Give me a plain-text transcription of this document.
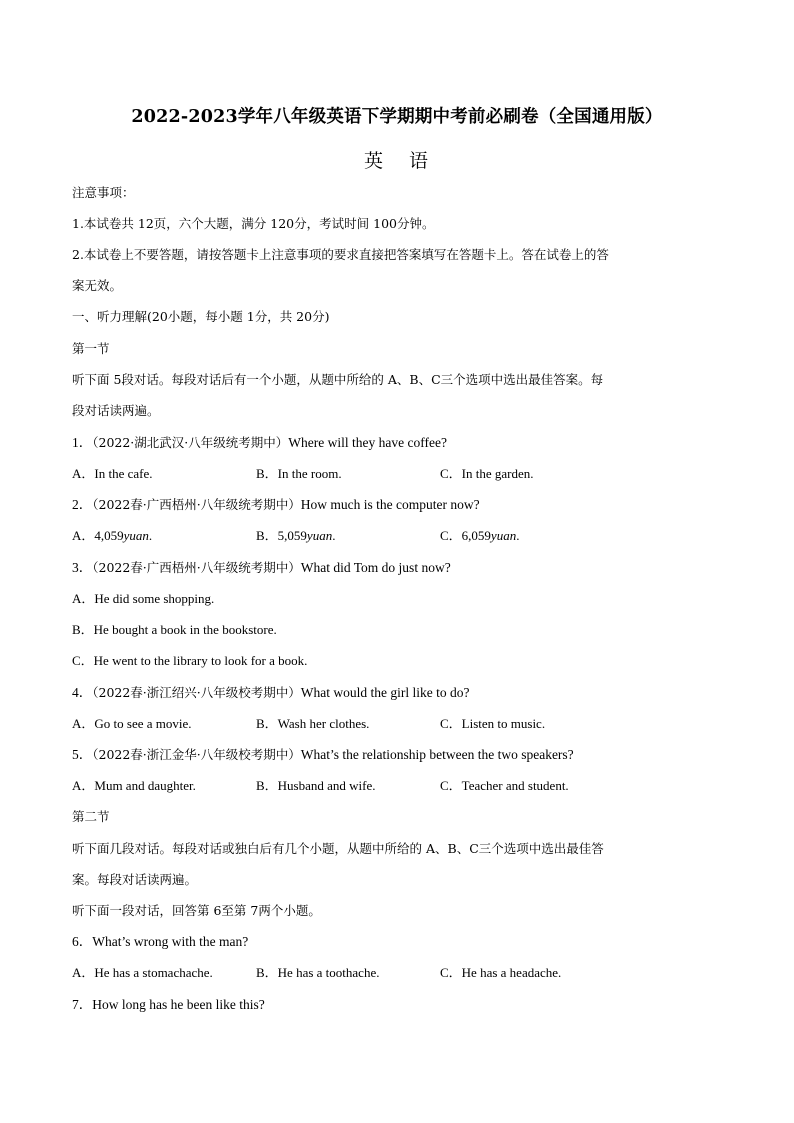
2022-2023学年八年级英语下学期期中考前必刷卷（全国通用版）
英 语
注意事项：
1.本试卷共 12页，六个大题，满分 120分，考试时间 100分钟。
2.本试卷上不要答题，请按答题卡上注意事项的要求直接把答案填写在答题卡上。答在试卷上的答
案无效。
一、听力理解(20小题，每小题 1分，共 20分)
第一节
听下面 5段对话。每段对话后有一个小题，从题中所给的 A、B、C三个选项中选出最佳答案。每
段对话读两遍。
1．（2022·湖北武汉·八年级统考期中）Where will they have coffee?
A．In the cafe.	B．In the room.	C．In the garden.
2．（2022春·广西梧州·八年级统考期中）How much is the computer now?
A．4,059yuan.	B．5,059yuan.	C．6,059yuan.
3．（2022春·广西梧州·八年级统考期中）What did Tom do just now?
A．He did some shopping.
B．He bought a book in the bookstore.
C．He went to the library to look for a book.
4．（2022春·浙江绍兴·八年级校考期中）What would the girl like to do?
A．Go to see a movie.	B．Wash her clothes.	C．Listen to music.
5．（2022春·浙江金华·八年级校考期中）What’s the relationship between the two speakers?
A．Mum and daughter.	B．Husband and wife.	C．Teacher and student.
第二节
听下面几段对话。每段对话或独白后有几个小题，从题中所给的 A、B、C三个选项中选出最佳答
案。每段对话读两遍。
听下面一段对话，回答第 6至第 7两个小题。
6．What’s wrong with the man?
A．He has a stomachache.	B．He has a toothache.	C．He has a headache.
7．How long has he been like this?
